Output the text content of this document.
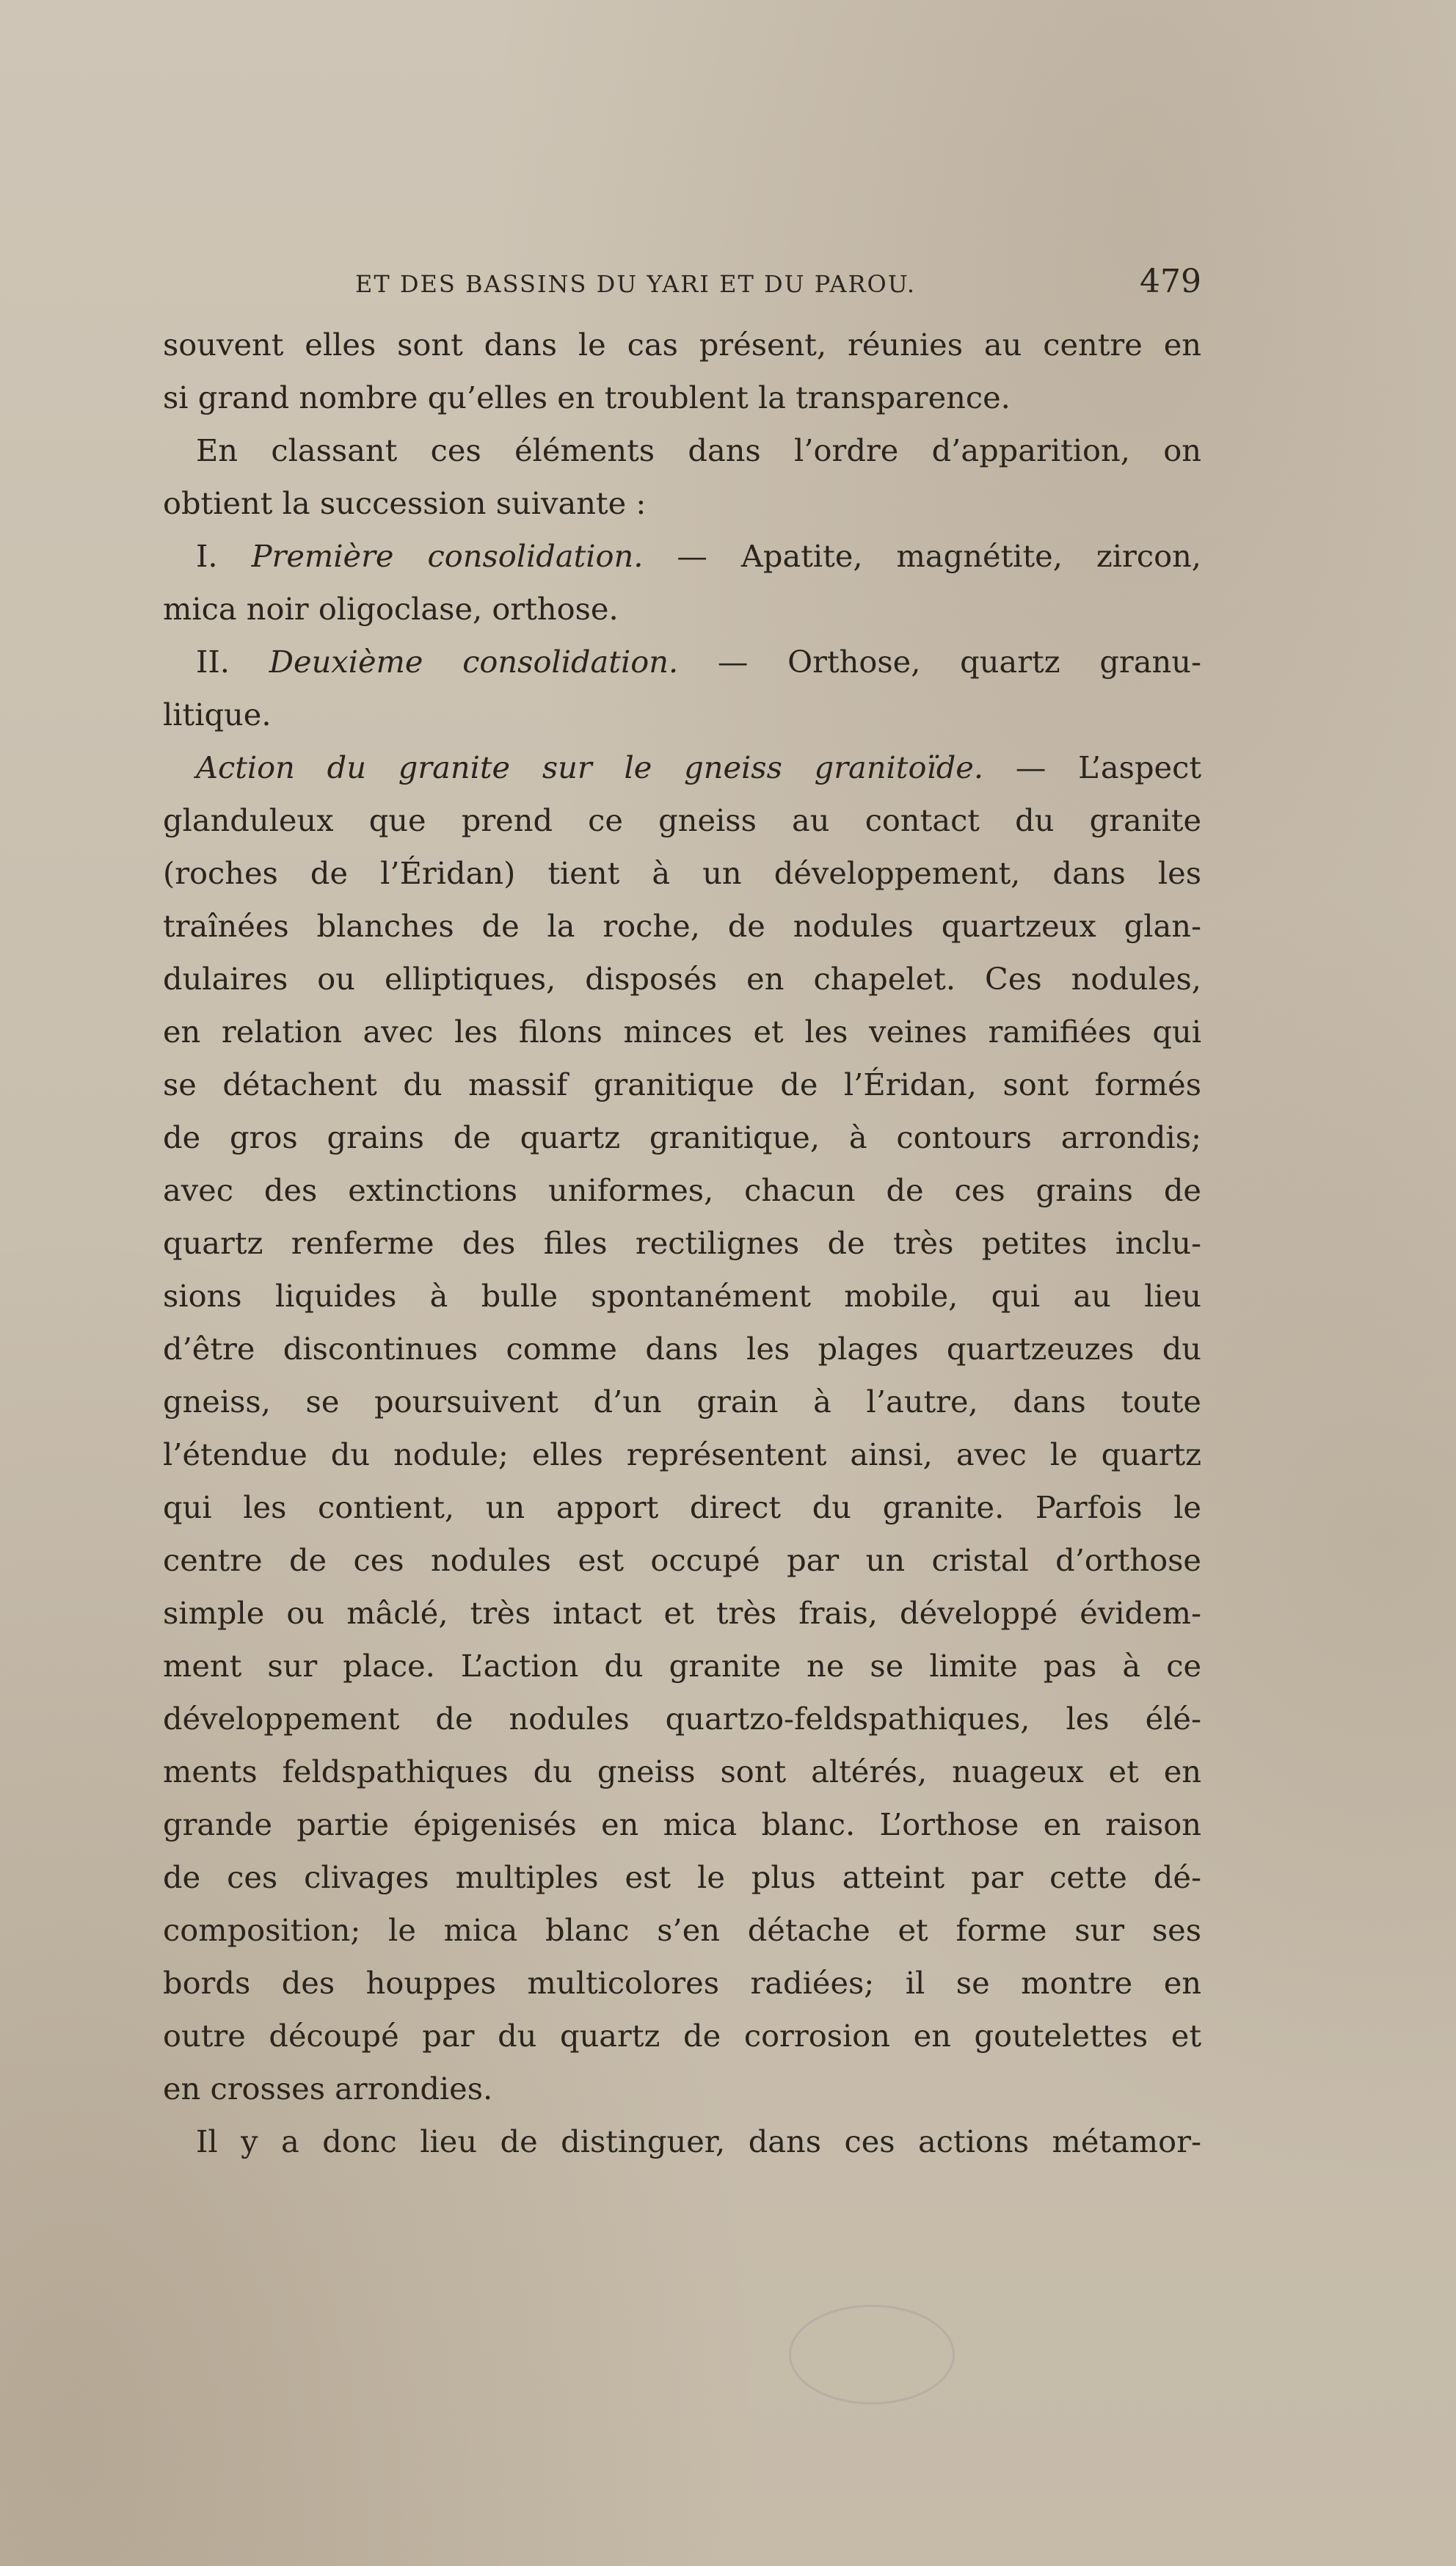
ET DES BASSINS DU YARI ET DU PAROU.	479
souvent elles sont dans le cas présent, réunies au centre en
si grand nombre qu’elles en troublent la transparence.
En classant ces éléments dans l’ordre d’apparition, on
obtient la succession suivante :
I. Première consolidation. — Apatite, magnétite, zircon,
mica noir oligoclase, orthose.
II. Deuxième consolidation. — Orthose, quartz granu-
litique.
Action du granite sur le gneiss granitoïde. — L’aspect
glanduleux que prend ce gneiss au contact du granite
(roches de l’Éridan) tient à un développement, dans les
traînées blanches de la roche, de nodules quartzeux glan-
dulaires ou elliptiques, disposés en chapelet. Ces nodules,
en relation avec les filons minces et les veines ramifiées qui
se détachent du massif granitique de l’Éridan, sont formés
de gros grains de quartz granitique, à contours arrondis;
avec des extinctions uniformes, chacun de ces grains de
quartz renferme des files rectilignes de très petites inclu-
sions liquides à bulle spontanément mobile, qui au lieu
d’être discontinues comme dans les plages quartzeuzes du
gneiss, se poursuivent d’un grain à l’autre, dans toute
l’étendue du nodule; elles représentent ainsi, avec le quartz
qui les contient, un apport direct du granite. Parfois le
centre de ces nodules est occupé par un cristal d’orthose
simple ou mâclé, très intact et très frais, développé évidem-
ment sur place. L’action du granite ne se limite pas à ce
développement de nodules quartzo-feldspathiques, les élé-
ments feldspathiques du gneiss sont altérés, nuageux et en
grande partie épigenisés en mica blanc. L’orthose en raison
de ces clivages multiples est le plus atteint par cette dé-
composition; le mica blanc s’en détache et forme sur ses
bords des houppes multicolores radiées; il se montre en
outre découpé par du quartz de corrosion en goutelettes et
en crosses arrondies.
Il y a donc lieu de distinguer, dans ces actions métamor-
